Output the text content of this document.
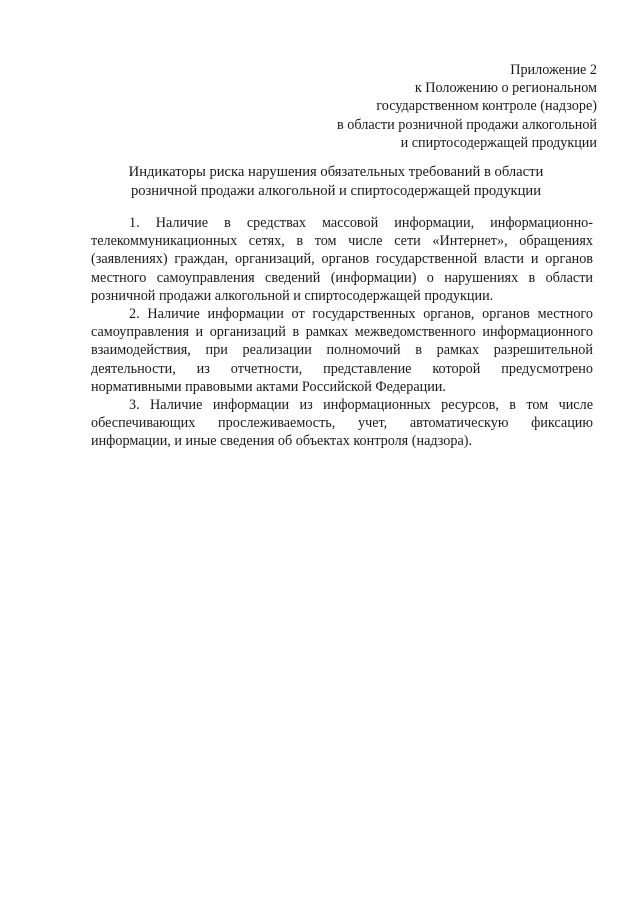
Приложение 2
к Положению о региональном
государственном контроле (надзоре)
в области розничной продажи алкогольной
и спиртосодержащей продукции
Индикаторы риска нарушения обязательных требований в области
розничной продажи алкогольной и спиртосодержащей продукции

1. Наличие в средствах массовой информации, информационно-телекоммуникационных сетях, в том числе сети «Интернет», обращениях (заявлениях) граждан, организаций, органов государственной власти и органов местного самоуправления сведений (информации) о нарушениях в области розничной продажи алкогольной и спиртосодержащей продукции.

2. Наличие информации от государственных органов, органов местного самоуправления и организаций в рамках межведомственного информационного взаимодействия, при реализации полномочий в рамках разрешительной деятельности, из отчетности, представление которой предусмотрено нормативными правовыми актами Российской Федерации.

3. Наличие информации из информационных ресурсов, в том числе обеспечивающих прослеживаемость, учет, автоматическую фиксацию информации, и иные сведения об объектах контроля (надзора).
